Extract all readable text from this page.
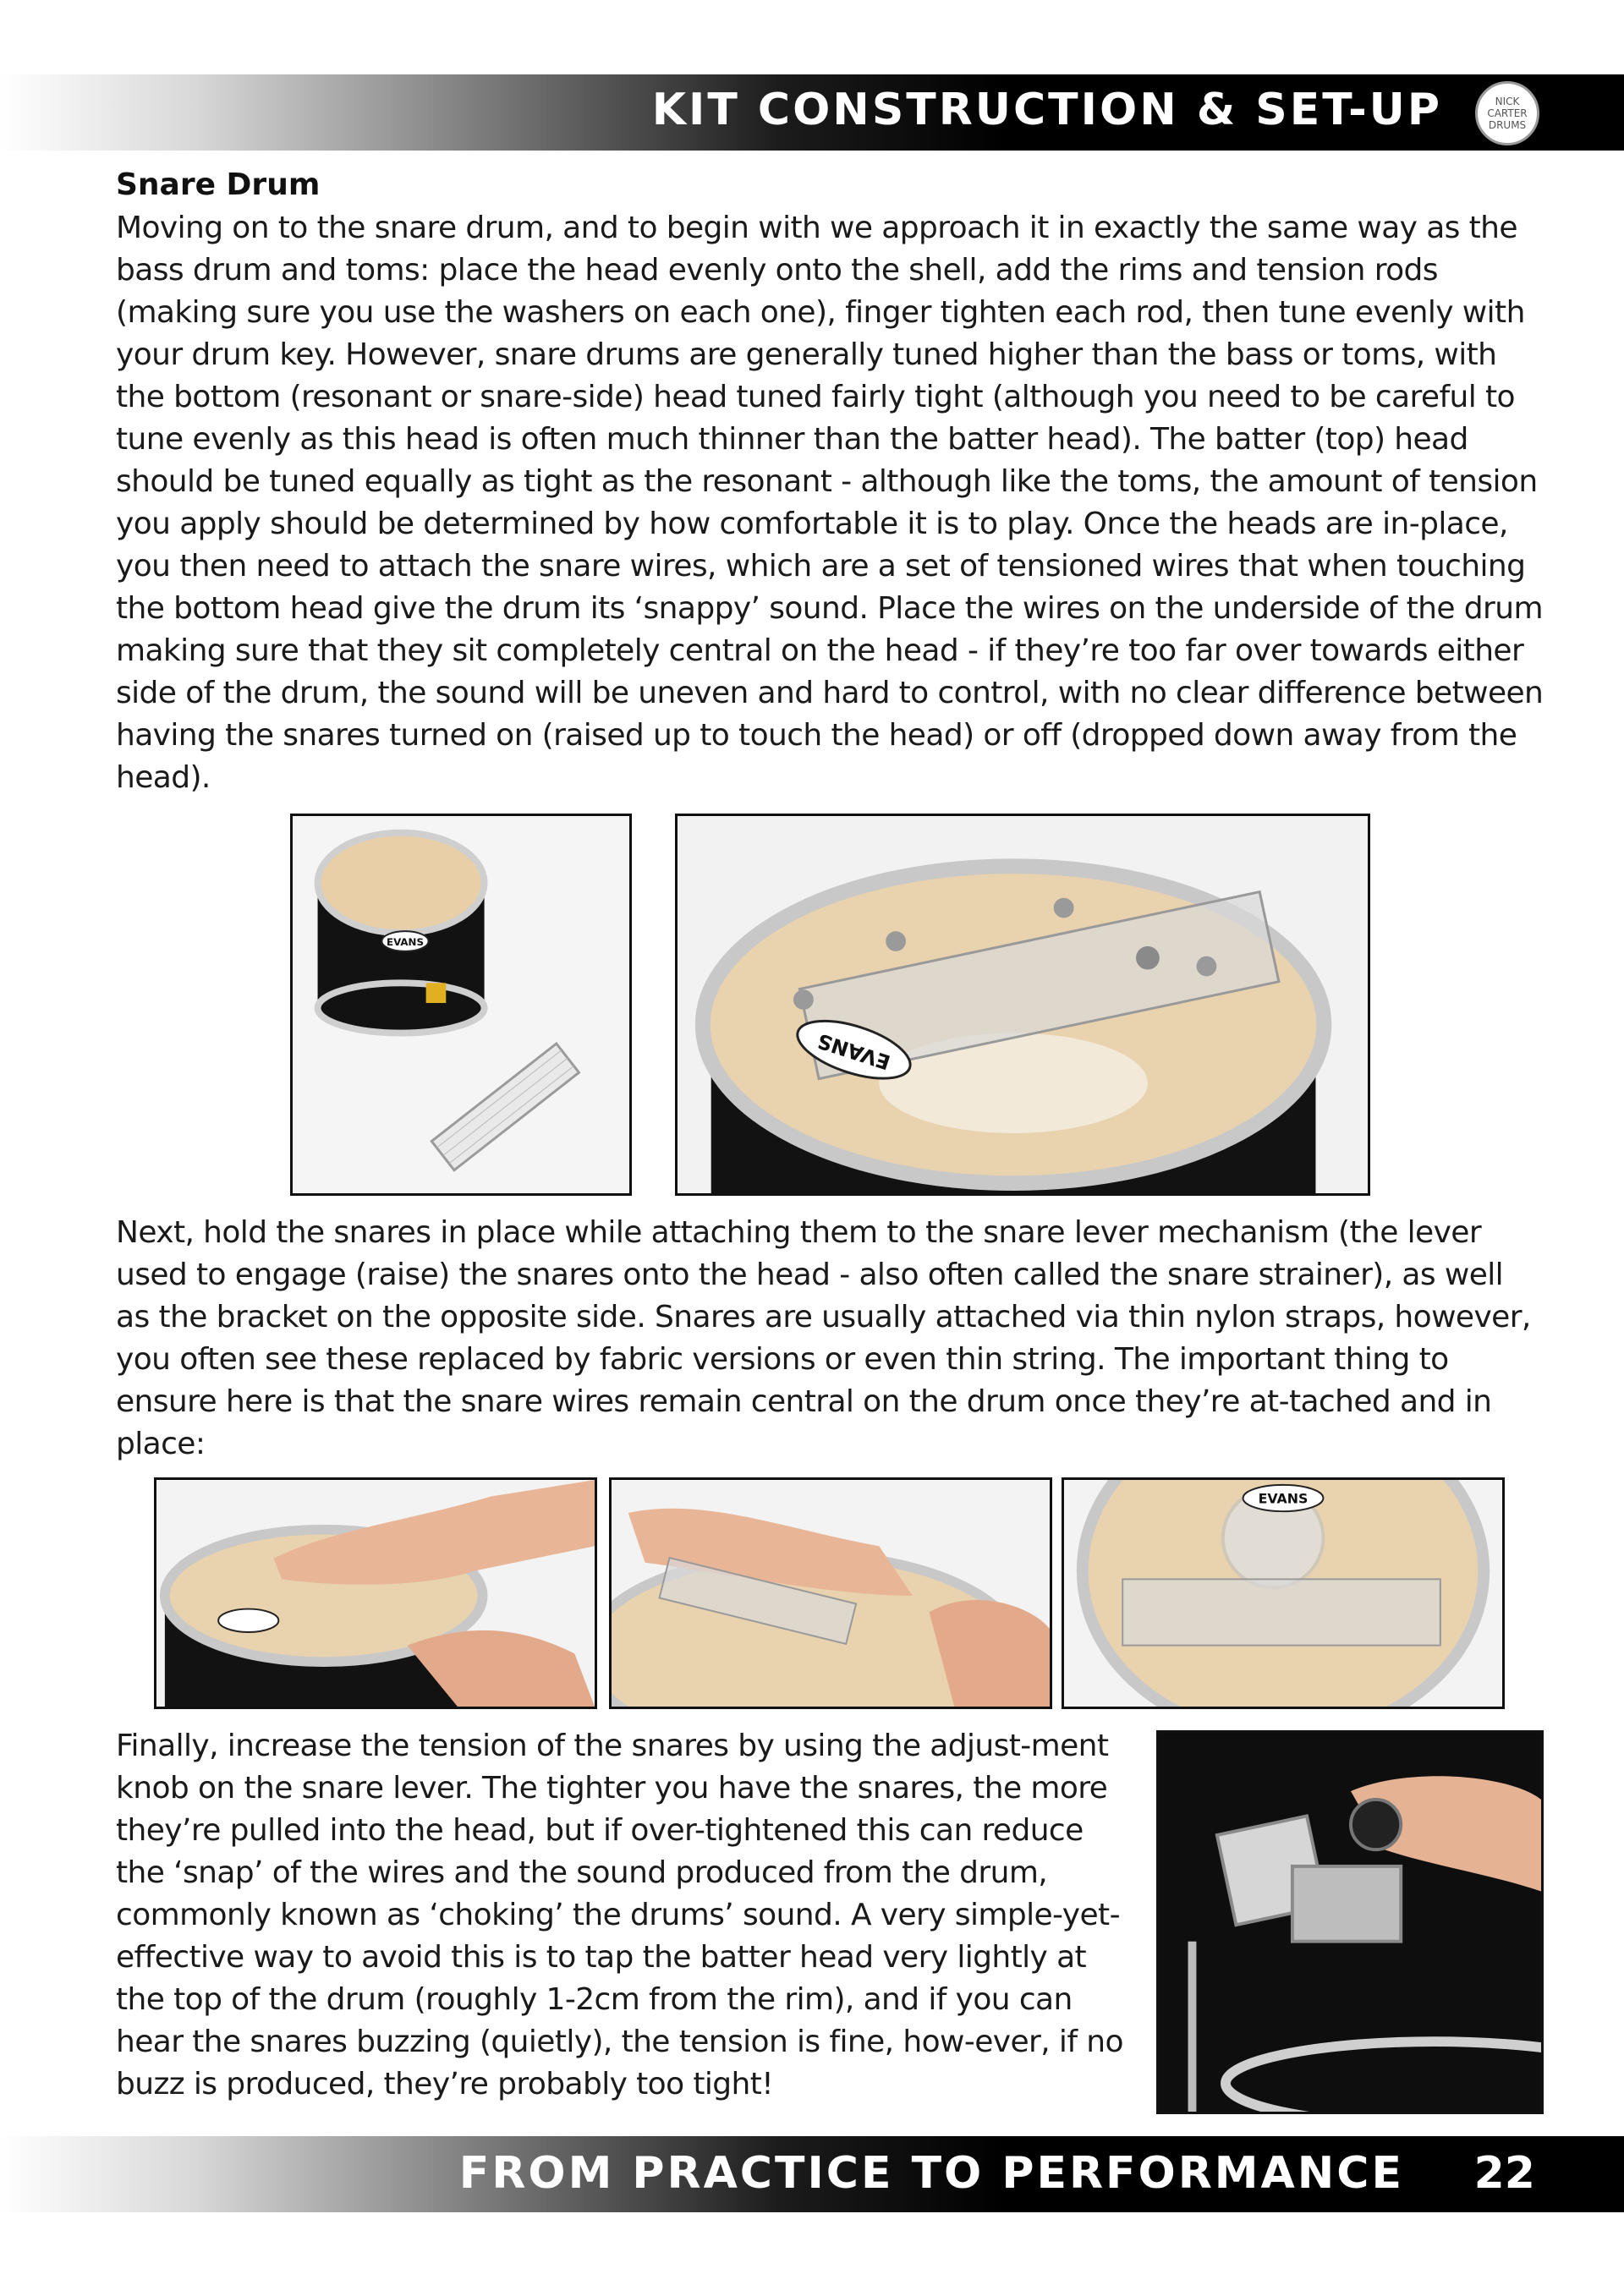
KIT CONSTRUCTION & SET-UP	NICK
CARTER
DRUMS
Snare Drum

Moving on to the snare drum, and to begin with we approach it in exactly the same way as the bass drum and toms: place the head evenly onto the shell, add the rims and tension rods (making sure you use the washers on each one), finger tighten each rod, then tune evenly with your drum key. However, snare drums are generally tuned higher than the bass or toms, with the bottom (resonant or snare-side) head tuned fairly tight (although you need to be careful to tune evenly as this head is often much thinner than the batter head). The batter (top) head should be tuned equally as tight as the resonant - although like the toms, the amount of tension you apply should be determined by how comfortable it is to play. Once the heads are in-place, you then need to attach the snare wires, which are a set of tensioned wires that when touching the bottom head give the drum its ‘snappy’ sound. Place the wires on the underside of the drum making sure that they sit completely central on the head - if they’re too far over towards either side of the drum, the sound will be uneven and hard to control, with no clear difference between having the snares turned on (raised up to touch the head) or off (dropped down away from the head).

EVANS
EVANS

Next, hold the snares in place while attaching them to the snare lever mechanism (the lever used to engage (raise) the snares onto the head - also often called the snare strainer), as well as the bracket on the opposite side. Snares are usually attached via thin nylon straps, however, you often see these replaced by fabric versions or even thin string. The important thing to ensure here is that the snare wires remain central on the drum once they’re at-tached and in place:

EVANS

Finally, increase the tension of the snares by using the adjust-ment knob on the snare lever. The tighter you have the snares, the more they’re pulled into the head, but if over-tightened this can reduce the ‘snap’ of the wires and the sound produced from the drum, commonly known as ‘choking’ the drums’ sound. A very simple-yet-effective way to avoid this is to tap the batter head very lightly at the top of the drum (roughly 1-2cm from the rim), and if you can hear the snares buzzing (quietly), the tension is fine, how-ever, if no buzz is produced, they’re probably too tight!

FROM PRACTICE TO PERFORMANCE 22
